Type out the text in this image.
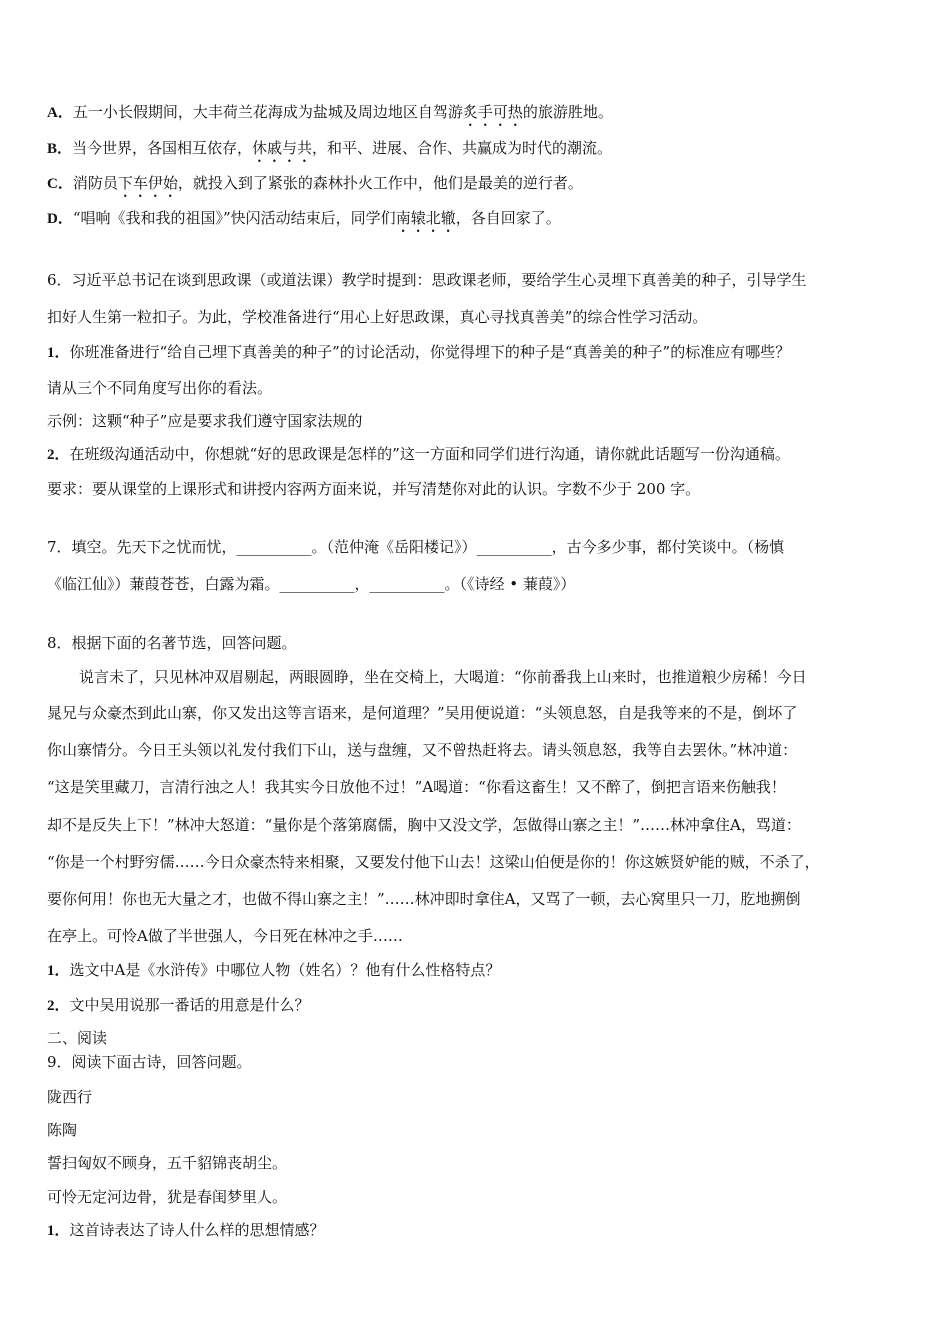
A．五一小长假期间，大丰荷兰花海成为盐城及周边地区自驾游炙手可热的旅游胜地。
B．当今世界，各国相互依存，休戚与共，和平、进展、合作、共赢成为时代的潮流。
C．消防员下车伊始，就投入到了紧张的森林扑火工作中，他们是最美的逆行者。
D．“唱响《我和我的祖国》”快闪活动结束后，同学们南辕北辙，各自回家了。
6．习近平总书记在谈到思政课（或道法课）教学时提到：思政课老师，要给学生心灵埋下真善美的种子，引导学生
扣好人生第一粒扣子。为此，学校准备进行“用心上好思政课，真心寻找真善美”的综合性学习活动。
1．你班准备进行“给自己埋下真善美的种子”的讨论活动，你觉得埋下的种子是“真善美的种子”的标准应有哪些？
请从三个不同角度写出你的看法。
示例：这颗“种子”应是要求我们遵守国家法规的
2．在班级沟通活动中，你想就“好的思政课是怎样的”这一方面和同学们进行沟通，请你就此话题写一份沟通稿。
要求：要从课堂的上课形式和讲授内容两方面来说，并写清楚你对此的认识。字数不少于 200 字。
7．填空。先天下之忧而忧，__________。（范仲淹《岳阳楼记》）__________，古今多少事，都付笑谈中。（杨慎
《临江仙》）蒹葭苍苍，白露为霜。__________，__________。（《诗经 • 蒹葭》）
8．根据下面的名著节选，回答问题。
说言未了，只见林冲双眉剔起，两眼圆睁，坐在交椅上，大喝道：“你前番我上山来时，也推道粮少房稀！今日
晁兄与众豪杰到此山寨，你又发出这等言语来，是何道理？”吴用便说道：“头领息怒，自是我等来的不是，倒坏了
你山寨情分。今日王头领以礼发付我们下山，送与盘缠，又不曾热赶将去。请头领息怒，我等自去罢休。”林冲道：
“这是笑里藏刀，言清行浊之人！我其实今日放他不过！”A喝道：“你看这畜生！又不醉了，倒把言语来伤触我！
却不是反失上下！”林冲大怒道：“量你是个落第腐儒，胸中又没文学，怎做得山寨之主！”……林冲拿住A，骂道：
“你是一个村野穷儒……今日众豪杰特来相聚，又要发付他下山去！这梁山伯便是你的！你这嫉贤妒能的贼，不杀了，
要你何用！你也无大量之才，也做不得山寨之主！”……林冲即时拿住A，又骂了一顿，去心窝里只一刀，肐地搠倒
在亭上。可怜A做了半世强人，今日死在林冲之手……
1．选文中A是《水浒传》中哪位人物（姓名）？他有什么性格特点？
2．文中吴用说那一番话的用意是什么？
二、阅读
9．阅读下面古诗，回答问题。
陇西行
陈陶
誓扫匈奴不顾身，五千貂锦丧胡尘。
可怜无定河边骨，犹是春闺梦里人。
1．这首诗表达了诗人什么样的思想情感？
